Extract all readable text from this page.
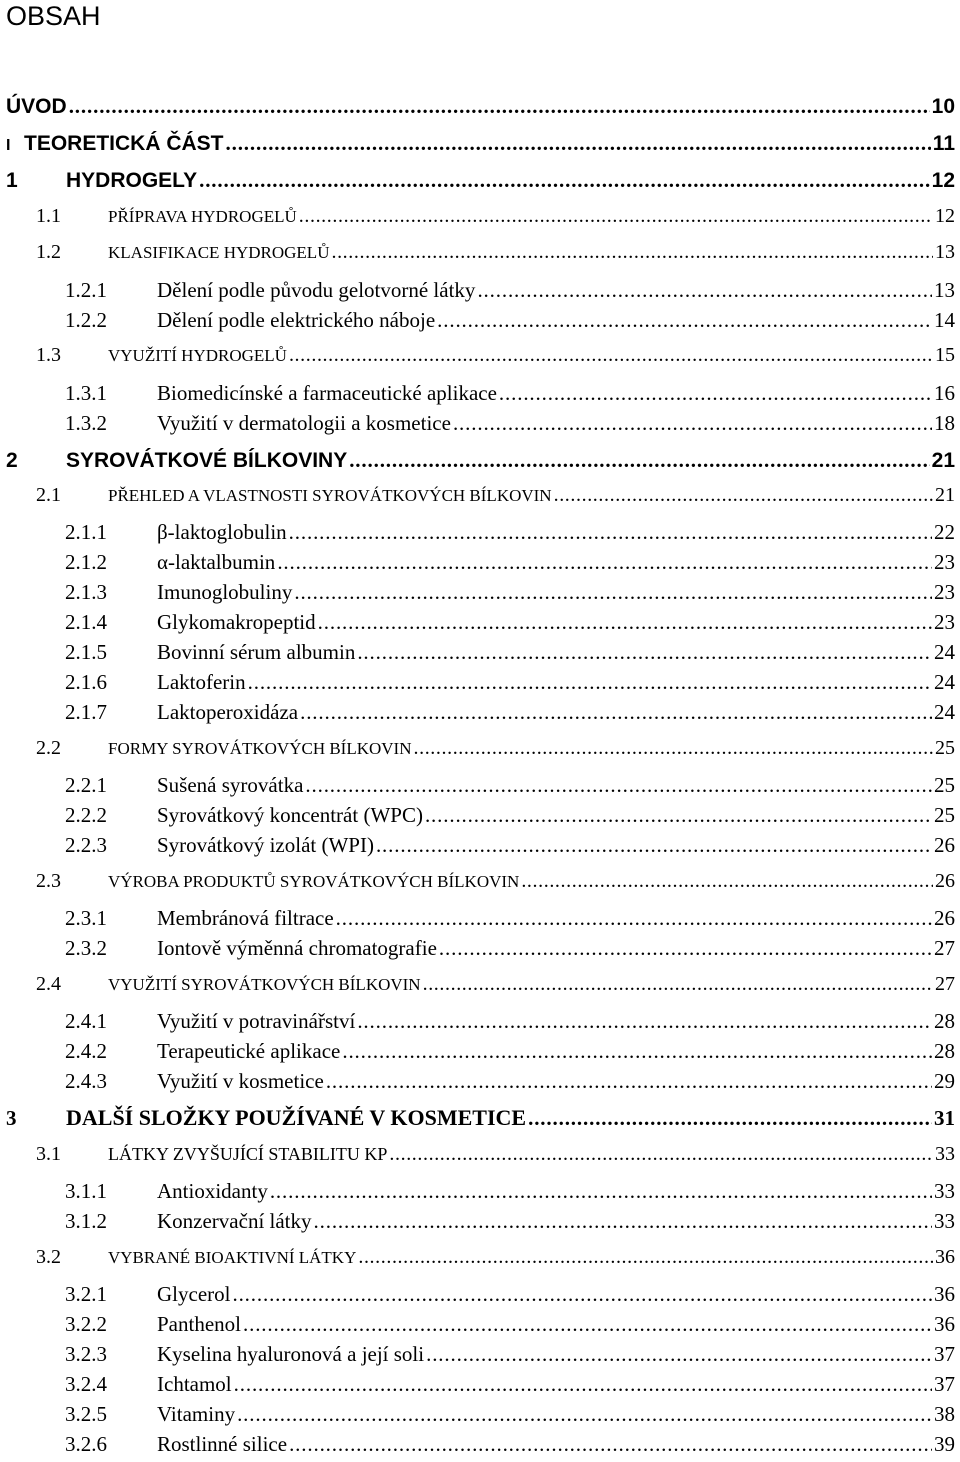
OBSAH
ÚVOD . . .	10
I TEORETICKÁ ČÁST . . .	11
1	HYDROGELY . . .	12
1.1	PŘÍPRAVA HYDROGELŮ . . .	12
1.2	KLASIFIKACE HYDROGELŮ . . .	13
1.2.1	Dělení podle původu gelotvorné látky . . .	13
1.2.2	Dělení podle elektrického náboje . . .	14
1.3	VYUŽITÍ HYDROGELŮ . . .	15
1.3.1	Biomedicínské a farmaceutické aplikace . . .	16
1.3.2	Využití v dermatologii a kosmetice . . .	18
2	SYROVÁTKOVÉ BÍLKOVINY . . .	21
2.1	PŘEHLED A VLASTNOSTI SYROVÁTKOVÝCH BÍLKOVIN . . .	21
2.1.1	β-laktoglobulin . . .	22
2.1.2	α-laktalbumin . . .	23
2.1.3	Imunoglobuliny . . .	23
2.1.4	Glykomakropeptid . . .	23
2.1.5	Bovinní sérum albumin . . .	24
2.1.6	Laktoferin . . .	24
2.1.7	Laktoperoxidáza . . .	24
2.2	FORMY SYROVÁTKOVÝCH BÍLKOVIN . . .	25
2.2.1	Sušená syrovátka . . .	25
2.2.2	Syrovátkový koncentrát (WPC) . . .	25
2.2.3	Syrovátkový izolát (WPI) . . .	26
2.3	VÝROBA PRODUKTŮ SYROVÁTKOVÝCH BÍLKOVIN . . .	26
2.3.1	Membránová filtrace . . .	26
2.3.2	Iontově výměnná chromatografie . . .	27
2.4	VYUŽITÍ SYROVÁTKOVÝCH BÍLKOVIN . . .	27
2.4.1	Využití v potravinářství . . .	28
2.4.2	Terapeutické aplikace . . .	28
2.4.3	Využití v kosmetice . . .	29
3	DALŠÍ SLOŽKY POUŽÍVANÉ V KOSMETICE . . .	31
3.1	LÁTKY ZVYŠUJÍCÍ STABILITU KP . . .	33
3.1.1	Antioxidanty . . .	33
3.1.2	Konzervační látky . . .	33
3.2	VYBRANÉ BIOAKTIVNÍ LÁTKY . . .	36
3.2.1	Glycerol . . .	36
3.2.2	Panthenol . . .	36
3.2.3	Kyselina hyaluronová a její soli . . .	37
3.2.4	Ichtamol . . .	37
3.2.5	Vitaminy . . .	38
3.2.6	Rostlinné silice . . .	39
